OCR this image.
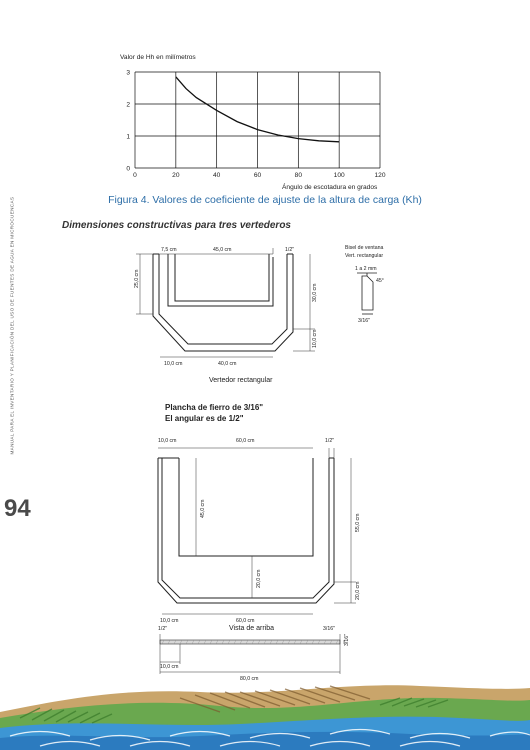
MANUAL PARA EL INVENTARIO Y PLANIFICACIÓN DEL USO DE FUENTES DE AGUA EN MICROCUENCAS
94
0	20	40	60	80	100	120
0
1
2
3
Valor de Hh en milímetros
Ángulo de escotadura en grados
Figura 4. Valores de coeficiente de ajuste de la altura de carga (Kh)
Dimensiones constructivas para tres vertederos
7,5 cm	45,0 cm	1/2"
25,0 cm
30,0 cm
10,0 cm
10,0 cm	40,0 cm
Vertedor rectangular
Bisel de ventana
Vert. rectangular
1 a 2 mm
45°
3/16"
Plancha de fierro de 3/16"
El angular es de 1/2"
10,0 cm	60,0 cm	1/2"
45,0 cm
55,0 cm
20,0 cm
20,0 cm
10,0 cm	60,0 cm
Vista de arriba
1/2"	3/16"
3/16"
10,0 cm
80,0 cm
